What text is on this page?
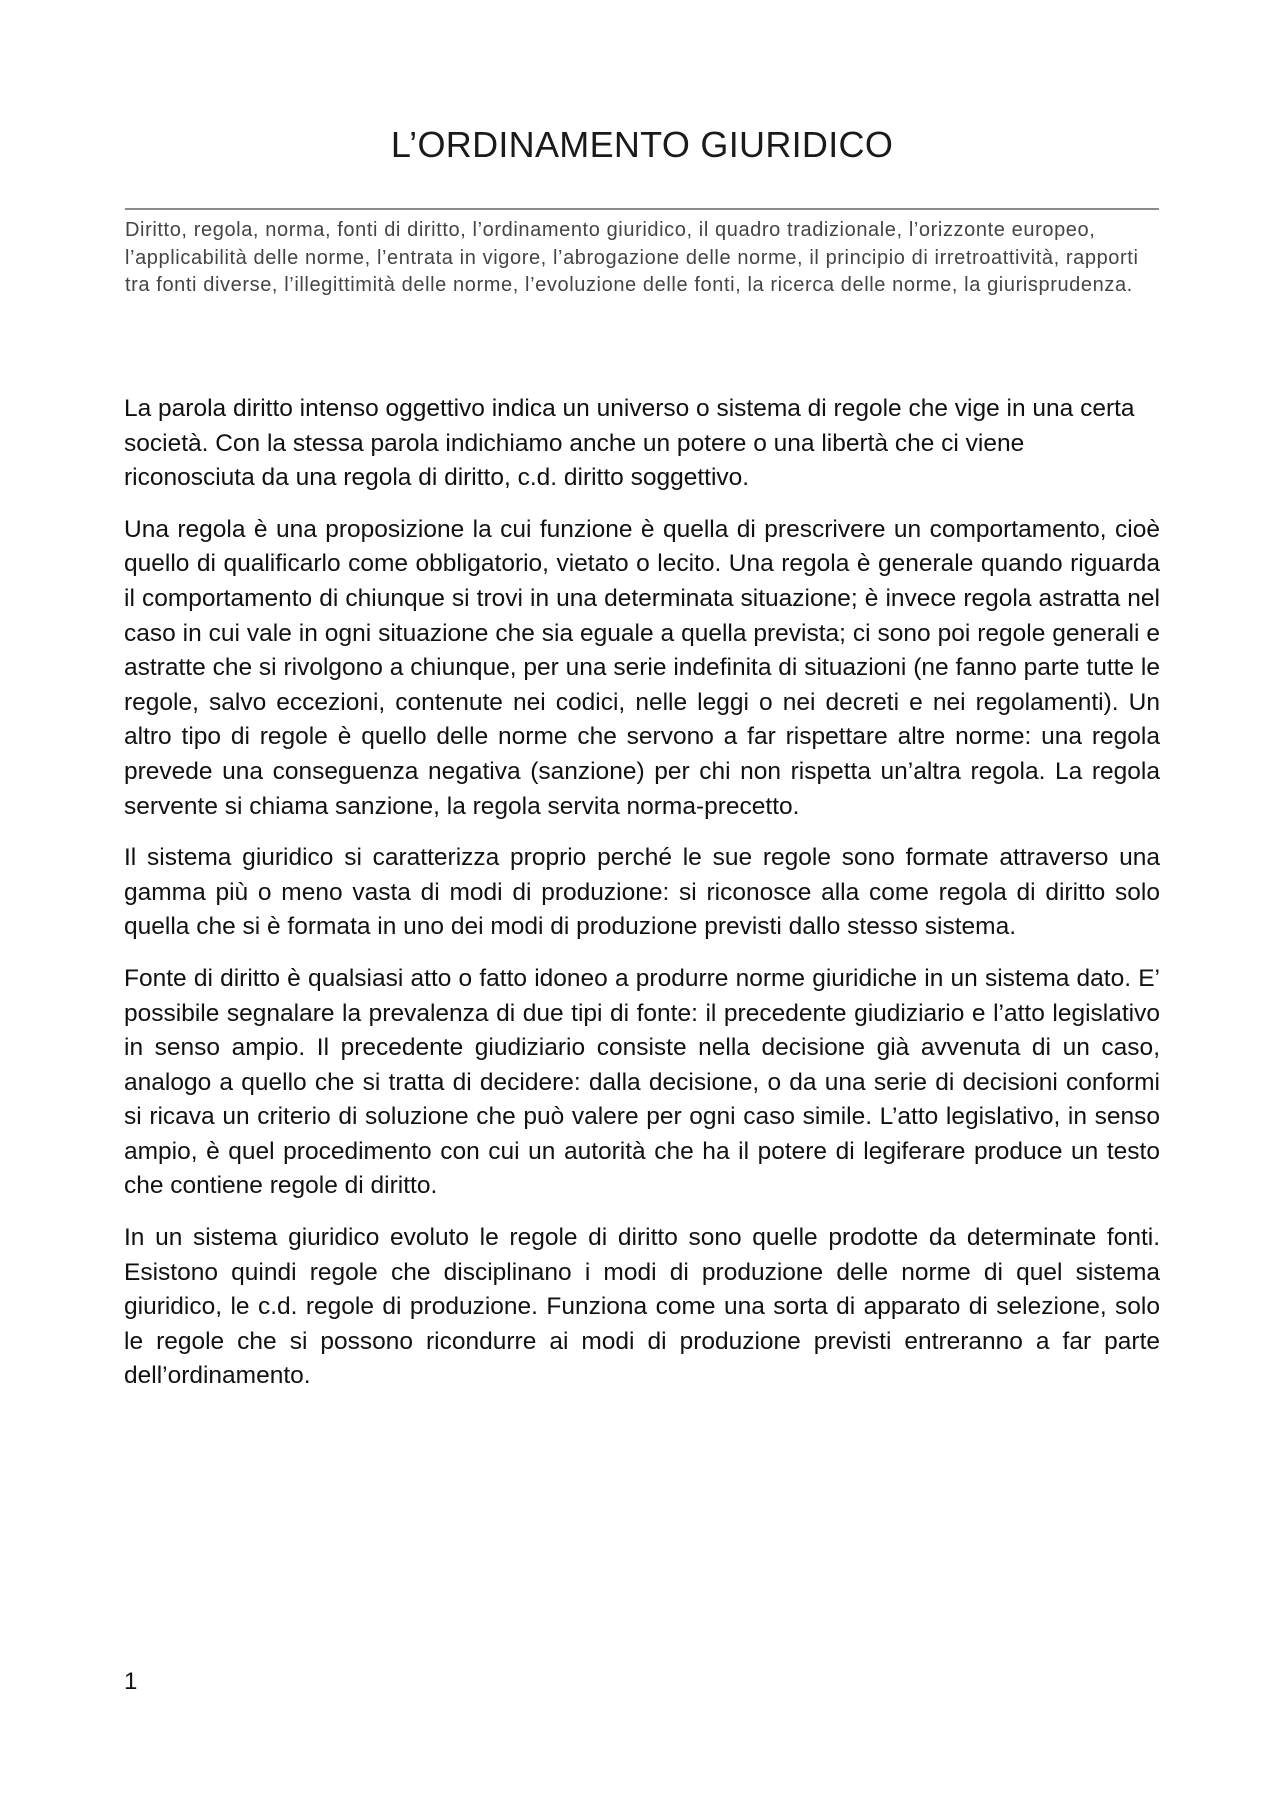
L’ORDINAMENTO GIURIDICO

Diritto, regola, norma, fonti di diritto, l’ordinamento giuridico, il quadro tradizionale, l’orizzonte europeo, l’applicabilità delle norme, l’entrata in vigore, l’abrogazione delle norme, il principio di irretroattività, rapporti tra fonti diverse, l’illegittimità delle norme, l’evoluzione delle fonti, la ricerca delle norme, la giurisprudenza.

La parola diritto intenso oggettivo indica un universo o sistema di regole che vige in una certa società. Con la stessa parola indichiamo anche un potere o una libertà che ci viene riconosciuta da una regola di diritto, c.d. diritto soggettivo.

Una regola è una proposizione la cui funzione è quella di prescrivere un comportamento, cioè quello di qualificarlo come obbligatorio, vietato o lecito. Una regola è generale quando riguarda il comportamento di chiunque si trovi in una determinata situazione; è invece regola astratta nel caso in cui vale in ogni situazione che sia eguale a quella prevista; ci sono poi regole generali e astratte che si rivolgono a chiunque, per una serie indefinita di situazioni (ne fanno parte tutte le regole, salvo eccezioni, contenute nei codici, nelle leggi o nei decreti e nei regolamenti). Un altro tipo di regole è quello delle norme che servono a far rispettare altre norme: una regola prevede una conseguenza negativa (sanzione) per chi non rispetta un’altra regola. La regola servente si chiama sanzione, la regola servita norma-precetto.

Il sistema giuridico si caratterizza proprio perché le sue regole sono formate attraverso una gamma più o meno vasta di modi di produzione: si riconosce alla come regola di diritto solo quella che si è formata in uno dei modi di produzione previsti dallo stesso sistema.

Fonte di diritto è qualsiasi atto o fatto idoneo a produrre norme giuridiche in un sistema dato. E’ possibile segnalare la prevalenza di due tipi di fonte: il precedente giudiziario e l’atto legislativo in senso ampio. Il precedente giudiziario consiste nella decisione già avvenuta di un caso, analogo a quello che si tratta di decidere: dalla decisione, o da una serie di decisioni conformi si ricava un criterio di soluzione che può valere per ogni caso simile. L’atto legislativo, in senso ampio, è quel procedimento con cui un autorità che ha il potere di legiferare produce un testo che contiene regole di diritto.

In un sistema giuridico evoluto le regole di diritto sono quelle prodotte da determinate fonti. Esistono quindi regole che disciplinano i modi di produzione delle norme di quel sistema giuridico, le c.d. regole di produzione. Funziona come una sorta di apparato di selezione, solo le regole che si possono ricondurre ai modi di produzione previsti entreranno a far parte dell’ordinamento.

1
